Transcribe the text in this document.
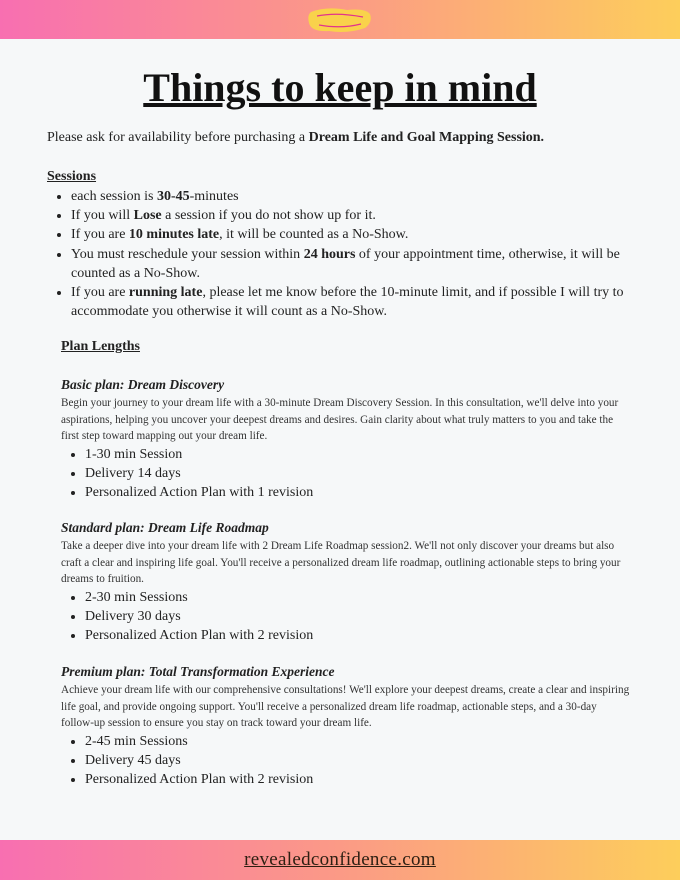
Things to keep in mind

Please ask for availability before purchasing a Dream Life and Goal Mapping Session.

Sessions
• each session is 30-45-minutes
• If you will Lose a session if you do not show up for it.
• If you are 10 minutes late, it will be counted as a No-Show.
• You must reschedule your session within 24 hours of your appointment time, otherwise, it will be counted as a No-Show.
• If you are running late, please let me know before the 10-minute limit, and if possible I will try to accommodate you otherwise it will count as a No-Show.
Plan Lengths
Basic plan: Dream Discovery

Begin your journey to your dream life with a 30-minute Dream Discovery Session. In this consultation, we'll delve into your aspirations, helping you uncover your deepest dreams and desires. Gain clarity about what truly matters to you and take the first step toward mapping out your dream life.

• 1-30 min Session
• Delivery 14 days
• Personalized Action Plan with 1 revision
Standard plan: Dream Life Roadmap

Take a deeper dive into your dream life with 2 Dream Life Roadmap session2. We'll not only discover your dreams but also craft a clear and inspiring life goal. You'll receive a personalized dream life roadmap, outlining actionable steps to bring your dreams to fruition.

• 2-30 min Sessions
• Delivery 30 days
• Personalized Action Plan with 2 revision
Premium plan: Total Transformation Experience

Achieve your dream life with our comprehensive consultations! We'll explore your deepest dreams, create a clear and inspiring life goal, and provide ongoing support. You'll receive a personalized dream life roadmap, actionable steps, and a 30-day follow-up session to ensure you stay on track toward your dream life.

• 2-45 min Sessions
• Delivery 45 days
• Personalized Action Plan with 2 revision
revealedconfidence.com
